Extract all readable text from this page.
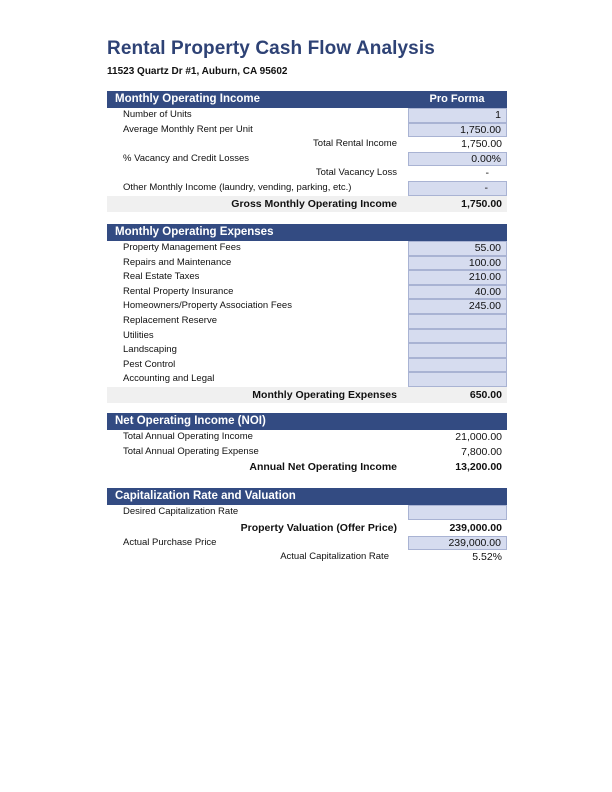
Rental Property Cash Flow Analysis
11523 Quartz Dr #1, Auburn, CA 95602
Monthly Operating Income	Pro Forma
Number of Units	1
Average Monthly Rent per Unit	1,750.00
Total Rental Income	1,750.00
% Vacancy and Credit Losses	0.00%
Total Vacancy Loss	-
Other Monthly Income (laundry, vending, parking, etc.)	-
Gross Monthly Operating Income	1,750.00
Monthly Operating Expenses
Property Management Fees	55.00
Repairs and Maintenance	100.00
Real Estate Taxes	210.00
Rental Property Insurance	40.00
Homeowners/Property Association Fees	245.00
Replacement Reserve
Utilities
Landscaping
Pest Control
Accounting and Legal
Monthly Operating Expenses	650.00
Net Operating Income (NOI)
Total Annual Operating Income	21,000.00
Total Annual Operating Expense	7,800.00
Annual Net Operating Income	13,200.00
Capitalization Rate and Valuation
Desired Capitalization Rate
Property Valuation (Offer Price)	239,000.00
Actual Purchase Price	239,000.00
Actual Capitalization Rate	5.52%
